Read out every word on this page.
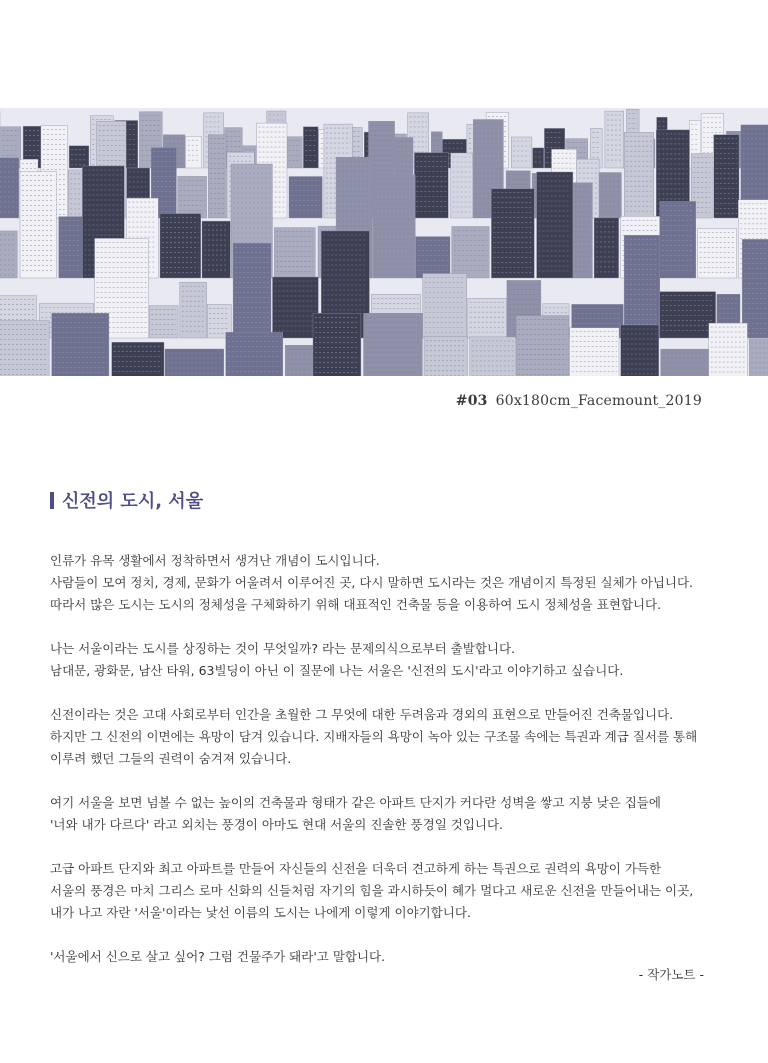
#03 60x180cm_Facemount_2019
신전의 도시, 서울
인류가 유목 생활에서 정착하면서 생겨난 개념이 도시입니다.
사람들이 모여 정치, 경제, 문화가 어울려서 이루어진 곳, 다시 말하면 도시라는 것은 개념이지 특정된 실체가 아닙니다.
따라서 많은 도시는 도시의 정체성을 구체화하기 위해 대표적인 건축물 등을 이용하여 도시 정체성을 표현합니다.
나는 서울이라는 도시를 상징하는 것이 무엇일까? 라는 문제의식으로부터 출발합니다.
남대문, 광화문, 남산 타워, 63빌딩이 아닌 이 질문에 나는 서울은 '신전의 도시'라고 이야기하고 싶습니다.
신전이라는 것은 고대 사회로부터 인간을 초월한 그 무엇에 대한 두려움과 경외의 표현으로 만들어진 건축물입니다.
하지만 그 신전의 이면에는 욕망이 담겨 있습니다. 지배자들의 욕망이 녹아 있는 구조물 속에는 특권과 계급 질서를 통해
이루려 했던 그들의 권력이 숨겨져 있습니다.
여기 서울을 보면 넘볼 수 없는 높이의 건축물과 형태가 같은 아파트 단지가 커다란 성벽을 쌓고 지붕 낮은 집들에
'너와 내가 다르다' 라고 외치는 풍경이 아마도 현대 서울의 진솔한 풍경일 것입니다.
고급 아파트 단지와 최고 아파트를 만들어 자신들의 신전을 더욱더 견고하게 하는 특권으로 권력의 욕망이 가득한
서울의 풍경은 마치 그리스 로마 신화의 신들처럼 자기의 힘을 과시하듯이 혜가 멀다고 새로운 신전을 만들어내는 이곳,
내가 나고 자란 '서울'이라는 낯선 이름의 도시는 나에게 이렇게 이야기합니다.
'서울에서 신으로 살고 싶어? 그럼 건물주가 돼라'고 말합니다.
- 작가노트 -
